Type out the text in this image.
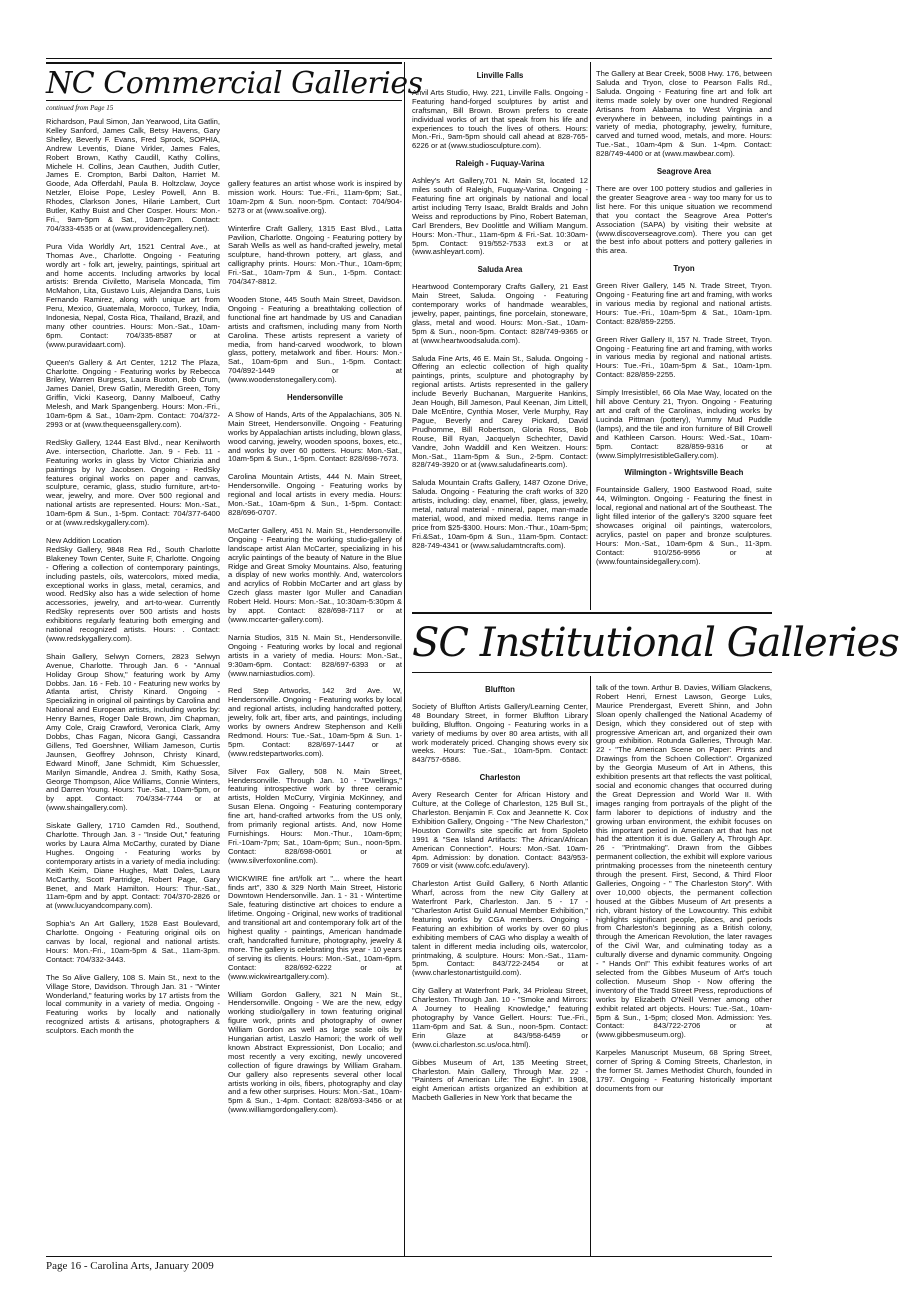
NC Commercial Galleries
continued from Page 15
Richardson, Paul Simon, Jan Yearwood, Lita Gatlin, Kelley Sanford, James Calk, Betsy Havens, Gary Shelley, Beverly F. Evans, Fred Sprock, SOPHIA, Andrew Leventis, Diane Virkler, James Fales, Robert Brown, Kathy Caudill, Kathy Collins, Michele H. Collins, Jean Cauthen, Judith Cutler, James E. Crompton, Barbi Dalton, Harriet M. Goode, Ada Offerdahl, Paula B. Holtzclaw, Joyce Netzler, Eloise Pope, Lesley Powell, Ann B. Rhodes, Clarkson Jones, Hilarie Lambert, Curt Butler, Kathy Buist and Cher Cosper. Hours: Mon.-Fri., 9am-5pm & Sat., 10am-2pm. Contact: 704/333-4535 or at (www.providencegallery.net).
Pura Vida Worldly Art, 1521 Central Ave., at Thomas Ave., Charlotte. Ongoing - Featuring wordly art - folk art, jewelry, paintings, spiritual art and home accents. Including artworks by local artists: Brenda Civiletto, Marisela Moncada, Tim McMahon, Lita, Gustavo Luis, Alejandra Dans, Luis Fernando Ramirez, along with unique art from Peru, Mexico, Guatemala, Morocco, Turkey, India, Indonesia, Nepal, Costa Rica, Thailand, Brazil, and many other countries. Hours: Mon.-Sat., 10am-6pm. Contact: 704/335-8587 or at (www.puravidaart.com).
Queen's Gallery & Art Center, 1212 The Plaza, Charlotte. Ongoing - Featuring works by Rebecca Briley, Warren Burgess, Laura Buxton, Bob Crum, James Daniel, Drew Gatlin, Meredith Green, Tony Griffin, Vicki Kaseorg, Danny Malboeuf, Cathy Melesh, and Mark Spangenberg. Hours: Mon.-Fri., 10am-6pm & Sat., 10am-2pm. Contact: 704/372-2993 or at (www.thequeensgallery.com).
RedSky Gallery, 1244 East Blvd., near Kenilworth Ave. intersection, Charlotte. Jan. 9 - Feb. 11 - Featuring works in glass by Victor Chiarizia and paintings by Ivy Jacobsen. Ongoing - RedSky features original works on paper and canvas, sculpture, ceramic, glass, studio furniture, art-to-wear, jewelry, and more. Over 500 regional and national artists are represented. Hours: Mon.-Sat., 10am-6pm & Sun., 1-5pm. Contact: 704/377-6400 or at (www.redskygallery.com).
New Addition Location
RedSky Gallery, 9848 Rea Rd., South Charlotte Blakeney Town Center, Suite F, Charlotte. Ongoing - Offering a collection of contemporary paintings, including pastels, oils, watercolors, mixed media, exceptional works in glass, metal, ceramics, and wood. RedSky also has a wide selection of home accessories, jewelry, and art-to-wear. Currently RedSky represents over 500 artists and hosts exhibitions regularly featuring both emerging and national recognized artists. Hours: . Contact: (www.redskygallery.com).
Shain Gallery, Selwyn Corners, 2823 Selwyn Avenue, Charlotte. Through Jan. 6 - "Annual Holiday Group Show," featuring work by Amy Dobbs. Jan. 16 - Feb. 10 - Featuring new works by Atlanta artist, Christy Kinard. Ongoing - Specializing in original oil paintings by Carolina and National and European artists, including works by: Henry Barnes, Roger Dale Brown, Jim Chapman, Amy Cole, Craig Crawford, Veronica Clark, Amy Dobbs, Chas Fagan, Nicora Gangi, Cassandra Gillens, Ted Goershner, William Jameson, Curtis Jaunsen, Geoffrey Johnson, Christy Kinard, Edward Minoff, Jane Schmidt, Kim Schuessler, Marilyn Simandle, Andrea J. Smith, Kathy Sosa, George Thompson, Alice Williams, Connie Winters, and Darren Young. Hours: Tue.-Sat., 10am-5pm, or by appt. Contact: 704/334-7744 or at (www.shaingallery.com).
Siskate Gallery, 1710 Camden Rd., Southend, Charlotte. Through Jan. 3 - "Inside Out," featuring works by Laura Alma McCarthy, curated by Diane Hughes. Ongoing - Featuring works by contemporary artists in a variety of media including: Keith Keim, Diane Hughes, Matt Dales, Laura McCarthy, Scott Partridge, Robert Page, Gary Benet, and Mark Hamilton. Hours: Thur.-Sat., 11am-6pm and by appt. Contact: 704/370-2826 or at (www.lucyandcompany.com).
Sophia's An Art Gallery, 1528 East Boulevard, Charlotte. Ongoing - Featuring original oils on canvas by local, regional and national artists. Hours: Mon.-Fri., 10am-5pm & Sat., 11am-3pm. Contact: 704/332-3443.
The So Alive Gallery, 108 S. Main St., next to the Village Store, Davidson. Through Jan. 31 - "Winter Wonderland," featuring works by 17 artists from the local community in a variety of media. Ongoing - Featuring works by locally and nationally recognized artists & artisans, photographers & sculptors. Each month the
gallery features an artist whose work is inspired by mission work. Hours: Tue.-Fri., 11am-6pm; Sat., 10am-2pm & Sun. noon-5pm. Contact: 704/904-5273 or at (www.soalive.org).
Winterfire Craft Gallery, 1315 East Blvd., Latta Pavilion, Charlotte. Ongoing - Featuring pottery by Sarah Wells as well as hand-crafted jewelry, metal sculpture, hand-thrown pottery, art glass, and calligraphy prints. Hours: Mon.-Thur., 10am-6pm; Fri.-Sat., 10am-7pm & Sun., 1-5pm. Contact: 704/347-8812.
Wooden Stone, 445 South Main Street, Davidson. Ongoing - Featuring a breathtaking collection of functional fine art handmade by US and Canadian artists and craftsmen, including many from North Carolina. These artists represent a variety of media, from hand-carved woodwork, to blown glass, pottery, metalwork and fiber. Hours: Mon.-Sat., 10am-6pm and Sun., 1-5pm. Contact: 704/892-1449 or at (www.woodenstonegallery.com).
Hendersonville
A Show of Hands, Arts of the Appalachians, 305 N. Main Street, Hendersonville. Ongoing - Featuring works by Appalachian artists including, blown glass, wood carving, jewelry, wooden spoons, boxes, etc., and works by over 60 potters. Hours: Mon.-Sat., 10am-5pm & Sun., 1-5pm. Contact: 828/698-7673.
Carolina Mountain Artists, 444 N. Main Street, Hendersonville. Ongoing - Featuring works by regional and local artists in every media. Hours: Mon.-Sat., 10am-6pm & Sun., 1-5pm. Contact: 828/696-0707.
McCarter Gallery, 451 N. Main St., Hendersonville. Ongoing - Featuring the working studio-gallery of landscape artist Alan McCarter, specializing in his acrylic paintings of the beauty of Nature in the Blue Ridge and Great Smoky Mountains. Also, featuring a display of new works monthly. And, watercolors and acrylics of Robbin McCarter and art glass by Czech glass master Igor Muller and Canadian Robert Held. Hours: Mon.-Sat., 10:30am-5:30pm & by appt. Contact: 828/698-7117 or at (www.mccarter-gallery.com).
Narnia Studios, 315 N. Main St., Hendersonville. Ongoing - Featuring works by local and regional artists in a variety of media. Hours: Mon.-Sat., 9:30am-6pm. Contact: 828/697-6393 or at (www.narniastudios.com).
Red Step Artworks, 142 3rd Ave. W, Hendersonville. Ongoing - Featuring works by local and regional artists, including handcrafted pottery, jewelry, folk art, fiber arts, and paintings, including works by owners Andrew Stephenson and Kelli Redmond. Hours: Tue.-Sat., 10am-5pm & Sun. 1-5pm. Contact: 828/697-1447 or at (www.redstepartworks.com).
Silver Fox Gallery, 508 N. Main Street, Hendersonville. Through Jan. 10 - "Dwellings," featuring introspective work by three ceramic artists, Holden McCurry, Virginia McKinney, and Susan Elena. Ongoing - Featuring contemporary fine art, hand-crafted artworks from the US only, from primarily regional artists. And, now Home Furnishings. Hours: Mon.-Thur., 10am-6pm; Fri.-10am-7pm; Sat., 10am-6pm; Sun., noon-5pm. Contact: 828/698-0601 or at (www.silverfoxonline.com).
WICKWIRE fine art/folk art "... where the heart finds art", 330 & 329 North Main Street, Historic Downtown Hendersonville. Jan. 1 - 31 - Wintertime Sale, featuring distinctive art choices to endure a lifetime. Ongoing - Original, new works of traditional and transitional art and contemporary folk art of the highest quality - paintings, American handmade craft, handcrafted furniture, photography, jewelry & more. The gallery is celebrating this year - 10 years of serving its clients. Hours: Mon.-Sat., 10am-6pm. Contact: 828/692-6222 or at (www.wickwireartgallery.com).
William Gordon Gallery, 321 N Main St., Hendersonville. Ongoing - We are the new, edgy working studio/gallery in town featuring original figure work, prints and photography of owner William Gordon as well as large scale oils by Hungarian artist, Laszlo Hamori; the work of well known Abstract Expressionist, Don Localio; and most recently a very exciting, newly uncovered collection of figure drawings by William Graham. Our gallery also represents several other local artists working in oils, fibers, photography and clay and a few other surprises. Hours: Mon.-Sat., 10am-5pm & Sun., 1-4pm. Contact: 828/693-3456 or at (www.williamgordongallery.com).
Linville Falls
Anvil Arts Studio, Hwy. 221, Linville Falls. Ongoing - Featuring hand-forged sculptures by artist and craftsman, Bill Brown. Brown prefers to create individual works of art that speak from his life and experiences to touch the lives of others. Hours: Mon.-Fri., 9am-5pm should call ahead at 828-765-6226 or at (www.studiosculpture.com).
Raleigh - Fuquay-Varina
Ashley's Art Gallery,701 N. Main St, located 12 miles south of Raleigh, Fuquay-Varina. Ongoing - Featuring fine art originals by national and local artist including Terry Isaac, Braldt Bralds and John Weiss and reproductions by Pino, Robert Bateman, Carl Brenders, Bev Doolittle and William Mangum. Hours: Mon.-Thur., 11am-6pm & Fri.-Sat. 10:30am-5pm. Contact: 919/552-7533 ext.3 or at (www.ashleyart.com).
Saluda Area
Heartwood Contemporary Crafts Gallery, 21 East Main Street, Saluda. Ongoing - Featuring contemporary works of handmade wearables, jewelry, paper, paintings, fine porcelain, stoneware, glass, metal and wood. Hours: Mon.-Sat., 10am-5pm & Sun., noon-5pm. Contact: 828/749-9365 or at (www.heartwoodsaluda.com).
Saluda Fine Arts, 46 E. Main St., Saluda. Ongoing - Offering an eclectic collection of high quality paintings, prints, sculpture and photography by regional artists. Artists represented in the gallery include Beverly Buchanan, Marguerite Hankins, Jean Hough, Bill Jameson, Paul Keenan, Jim Littell, Dale McEntire, Cynthia Moser, Verle Murphy, Ray Pague, Beverly and Carey Pickard, David Prudhomme, Bill Robertson, Gloria Ross, Bob Rouse, Bill Ryan, Jacquelyn Schechter, David Vandre, John Waddill and Ken Weitzen. Hours: Mon.-Sat., 11am-5pm & Sun., 2-5pm. Contact: 828/749-3920 or at (www.saludafinearts.com).
Saluda Mountain Crafts Gallery, 1487 Ozone Drive, Saluda. Ongoing - Featuring the craft works of 320 artists, including: clay, enamel, fiber, glass, jewelry, metal, natural material - mineral, paper, man-made material, wood, and mixed media. Items range in price from $25-$300. Hours: Mon.-Thur., 10am-5pm; Fri.&Sat., 10am-6pm & Sun., 11am-5pm. Contact: 828-749-4341 or (www.saludamtncrafts.com).
The Gallery at Bear Creek, 5008 Hwy. 176, between Saluda and Tryon, close to Pearson Falls Rd., Saluda. Ongoing - Featuring fine art and folk art items made solely by over one hundred Regional Artisans from Alabama to West Virginia and everywhere in between, including paintings in a variety of media, photography, jewelry, furniture, carved and turned wood, metals, and more. Hours: Tue.-Sat., 10am-4pm & Sun. 1-4pm. Contact: 828/749-4400 or at (www.mawbear.com).
Seagrove Area
There are over 100 pottery studios and galleries in the greater Seagrove area - way too many for us to list here. For this unique situation we recommend that you contact the Seagrove Area Potter's Association (SAPA) by visiting their website at (www.discoverseagrove.com). There you can get the best info about potters and pottery galleries in this area.
Tryon
Green River Gallery, 145 N. Trade Street, Tryon. Ongoing - Featuring fine art and framing, with works in various media by regional and national artists. Hours: Tue.-Fri., 10am-5pm & Sat., 10am-1pm. Contact: 828/859-2255.
Green River Gallery II, 157 N. Trade Street, Tryon. Ongoing - Featuring fine art and framing, with works in various media by regional and national artists. Hours: Tue.-Fri., 10am-5pm & Sat., 10am-1pm. Contact: 828/859-2255.
Simply Irresistible!, 66 Ola Mae Way, located on the hill above Century 21, Tryon. Ongoing - Featuring art and craft of the Carolinas, including works by Lucinda Pittman (pottery), Yummy Mud Puddle (lamps), and the tile and iron furniture of Bill Crowell and Kathleen Carson. Hours: Wed.-Sat., 10am-5pm. Contact: 828/859-9316 or at (www.SimplyIrresistibleGallery.com).
Wilmington - Wrightsville Beach
Fountainside Gallery, 1900 Eastwood Road, suite 44, Wilmington. Ongoing - Featuring the finest in local, regional and national art of the Southeast. The light filled interior of the gallery's 3200 square feet showcases original oil paintings, watercolors, acrylics, pastel on paper and bronze sculptures. Hours: Mon.-Sat., 10am-6pm & Sun., 11-3pm. Contact: 910/256-9956 or at (www.fountainsidegallery.com).
SC Institutional Galleries
Bluffton
Society of Bluffton Artists Gallery/Learning Center, 48 Boundary Street, in former Bluffton Library building, Bluffton. Ongoing - Featuring works in a variety of mediums by over 80 area artists, with all work moderately priced. Changing shows every six weeks. Hours: Tue.-Sat., 10am-5pm. Contact: 843/757-6586.
Charleston
Avery Research Center for African History and Culture, at the College of Charleston, 125 Bull St., Charleston. Benjamin F. Cox and Jeannette K. Cox Exhibition Gallery, Ongoing - "The New Charleston," Houston Conwill's site specific art from Spoleto 1991 & "Sea Island Artifacts: The African/African American Connection". Hours: Mon.-Sat. 10am-4pm. Admission: by donation. Contact: 843/953-7609 or visit (www.cofc.edu/avery).
Charleston Artist Guild Gallery, 6 North Atlantic Wharf, across from the new City Gallery at Waterfront Park, Charleston. Jan. 5 - 17 - "Charleston Artist Guild Annual Member Exhibition," featuring works by CGA members. Ongoing - Featuring an exhibition of works by over 60 plus exhibiting members of CAG who display a wealth of talent in different media including oils, watercolor, printmaking, & sculpture. Hours: Mon.-Sat., 11am-5pm. Contact: 843/722-2454 or at (www.charlestonartistguild.com).
City Gallery at Waterfront Park, 34 Prioleau Street, Charleston. Through Jan. 10 - "Smoke and Mirrors: A Journey to Healing Knowledge," featuring photography by Vance Gellert. Hours: Tue.-Fri., 11am-6pm and Sat. & Sun., noon-5pm. Contact: Erin Glaze at 843/958-6459 or (www.ci.charleston.sc.us/oca.html).
Gibbes Museum of Art, 135 Meeting Street, Charleston. Main Gallery, Through Mar. 22 - "Painters of American Life: The Eight". In 1908, eight American artists organized an exhibition at Macbeth Galleries in New York that became the
talk of the town. Arthur B. Davies, William Glackens, Robert Henri, Ernest Lawson, George Luks, Maurice Prendergast, Everett Shinn, and John Sloan openly challenged the National Academy of Design, which they considered out of step with progressive American art, and organized their own group exhibition. Rotunda Galleries, Through Mar. 22 - "The American Scene on Paper: Prints and Drawings from the Schoen Collection". Organized by the Georgia Museum of Art in Athens, this exhibition presents art that reflects the vast political, social and economic changes that occurred during the Great Depression and World War II. With images ranging from portrayals of the plight of the farm laborer to depictions of industry and the growing urban environment, the exhibit focuses on this important period in American art that has not had the attention it is due. Gallery A, Through Apr. 26 - "Printmaking". Drawn from the Gibbes permanent collection, the exhibit will explore various printmaking processes from the nineteenth century through the present. First, Second, & Third Floor Galleries, Ongoing - " The Charleston Story". With over 10,000 objects, the permanent collection housed at the Gibbes Museum of Art presents a rich, vibrant history of the Lowcountry. This exhibit highlights significant people, places, and periods from Charleston's beginning as a British colony, through the American Revolution, the later ravages of the Civil War, and culminating today as a culturally diverse and dynamic community. Ongoing - " Hands On!" This exhibit features works of art selected from the Gibbes Museum of Art's touch collection. Museum Shop - Now offering the inventory of the Tradd Street Press, reproductions of works by Elizabeth O'Neill Verner among other exhibit related art objects. Hours: Tue.-Sat., 10am-5pm & Sun., 1-5pm; closed Mon. Admission: Yes. Contact: 843/722-2706 or at (www.gibbesmuseum.org).
Karpeles Manuscript Museum, 68 Spring Street, corner of Spring & Coming Streets, Charleston, in the former St. James Methodist Church, founded in 1797. Ongoing - Featuring historically important documents from our
Page 16 - Carolina Arts, January 2009
